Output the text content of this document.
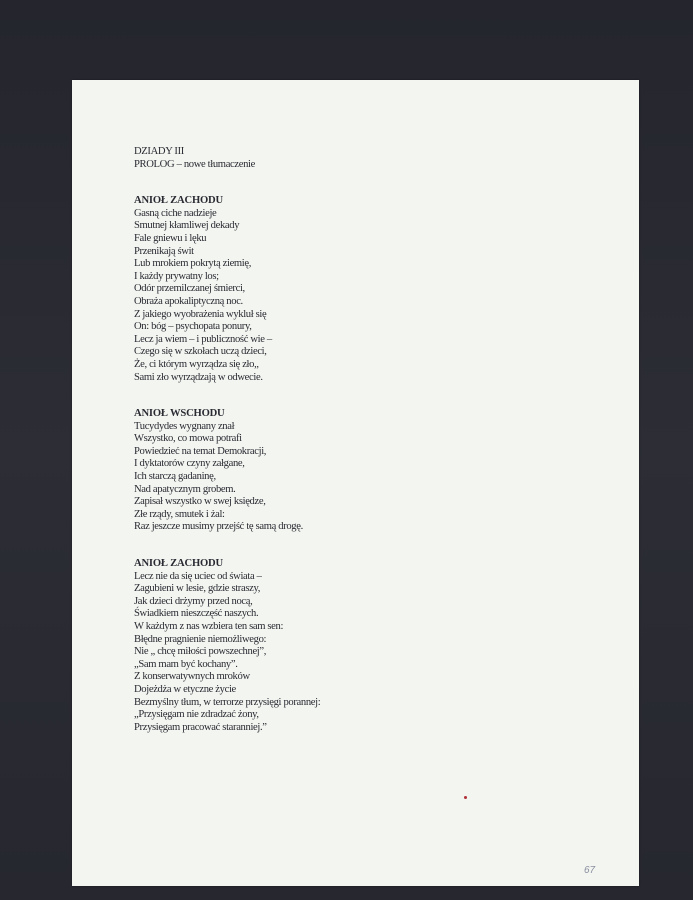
DZIADY III
PROLOG – nowe tłumaczenie
ANIOŁ ZACHODU
Gasną ciche nadzieje
Smutnej kłamliwej dekady
Fale gniewu i lęku
Przenikają świt
Lub mrokiem pokrytą ziemię,
I każdy prywatny los;
Odór przemilczanej śmierci,
Obraża apokaliptyczną noc.
Z jakiego wyobrażenia wykluł się
On: bóg – psychopata ponury,
Lecz ja wiem – i publiczność wie –
Czego się w szkołach uczą dzieci,
Że, ci którym wyrządza się zło,,
Sami zło wyrządzają w odwecie.
ANIOŁ WSCHODU
Tucydydes wygnany znał
Wszystko, co mowa potrafi
Powiedzieć na temat Demokracji,
I dyktatorów czyny załgane,
Ich starczą gadaninę,
Nad apatycznym grobem.
Zapisał wszystko w swej księdze,
Złe rządy, smutek i żal:
Raz jeszcze musimy przejść tę samą drogę.
ANIOŁ ZACHODU
Lecz nie da się uciec od świata –
Zagubieni w lesie, gdzie straszy,
Jak dzieci drżymy przed nocą,
Świadkiem nieszczęść naszych.
W każdym z nas wzbiera ten sam sen:
Błędne pragnienie niemożliwego:
Nie „ chcę miłości powszechnej”,
„Sam mam być kochany”.
Z konserwatywnych mroków
Dojeżdża w etyczne życie
Bezmyślny tłum, w terrorze przysięgi porannej:
„Przysięgam nie zdradzać żony,
Przysięgam pracować staranniej.”
67
